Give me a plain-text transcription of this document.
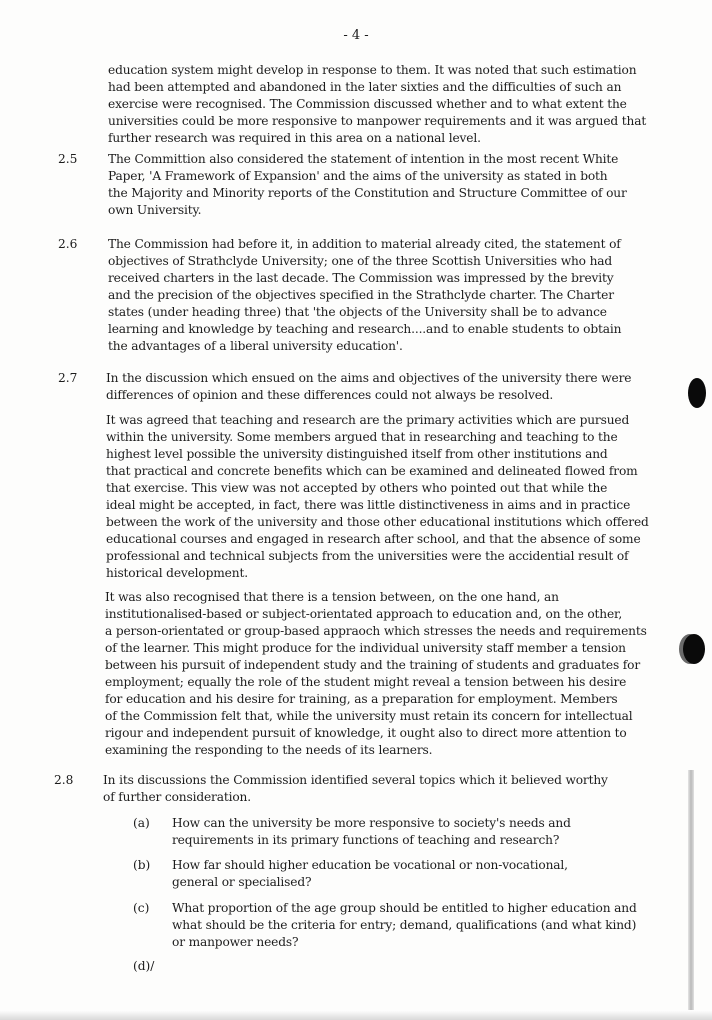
- 4 -
education system might develop in response to them. It was noted that such estimation
had been attempted and abandoned in the later sixties and the difficulties of such an
exercise were recognised. The Commission discussed whether and to what extent the
universities could be more responsive to manpower requirements and it was argued that
further research was required in this area on a national level.
2.5	The Committion also considered the statement of intention in the most recent White
Paper, 'A Framework of Expansion' and the aims of the university as stated in both
the Majority and Minority reports of the Constitution and Structure Committee of our
own University.
2.6	The Commission had before it, in addition to material already cited, the statement of
objectives of Strathclyde University; one of the three Scottish Universities who had
received charters in the last decade. The Commission was impressed by the brevity
and the precision of the objectives specified in the Strathclyde charter. The Charter
states (under heading three) that 'the objects of the University shall be to advance
learning and knowledge by teaching and research....and to enable students to obtain
the advantages of a liberal university education'.
2.7 In the discussion which ensued on the aims and objectives of the university there were
differences of opinion and these differences could not always be resolved.
It was agreed that teaching and research are the primary activities which are pursued
within the university. Some members argued that in researching and teaching to the
highest level possible the university distinguished itself from other institutions and
that practical and concrete benefits which can be examined and delineated flowed from
that exercise. This view was not accepted by others who pointed out that while the
ideal might be accepted, in fact, there was little distinctiveness in aims and in practice
between the work of the university and those other educational institutions which offered
educational courses and engaged in research after school, and that the absence of some
professional and technical subjects from the universities were the accidential result of
historical development.
It was also recognised that there is a tension between, on the one hand, an
institutionalised-based or subject-orientated approach to education and, on the other,
a person-orientated or group-based appraoch which stresses the needs and requirements
of the learner. This might produce for the individual university staff member a tension
between his pursuit of independent study and the training of students and graduates for
employment; equally the role of the student might reveal a tension between his desire
for education and his desire for training, as a preparation for employment. Members
of the Commission felt that, while the university must retain its concern for intellectual
rigour and independent pursuit of knowledge, it ought also to direct more attention to
examining the responding to the needs of its learners.
2.8 In its discussions the Commission identified several topics which it believed worthy
of further consideration.
(a) How can the university be more responsive to society's needs and
requirements in its primary functions of teaching and research?
(b) How far should higher education be vocational or non-vocational,
general or specialised?
(c) What proportion of the age group should be entitled to higher education and
what should be the criteria for entry; demand, qualifications (and what kind)
or manpower needs?
(d)/
